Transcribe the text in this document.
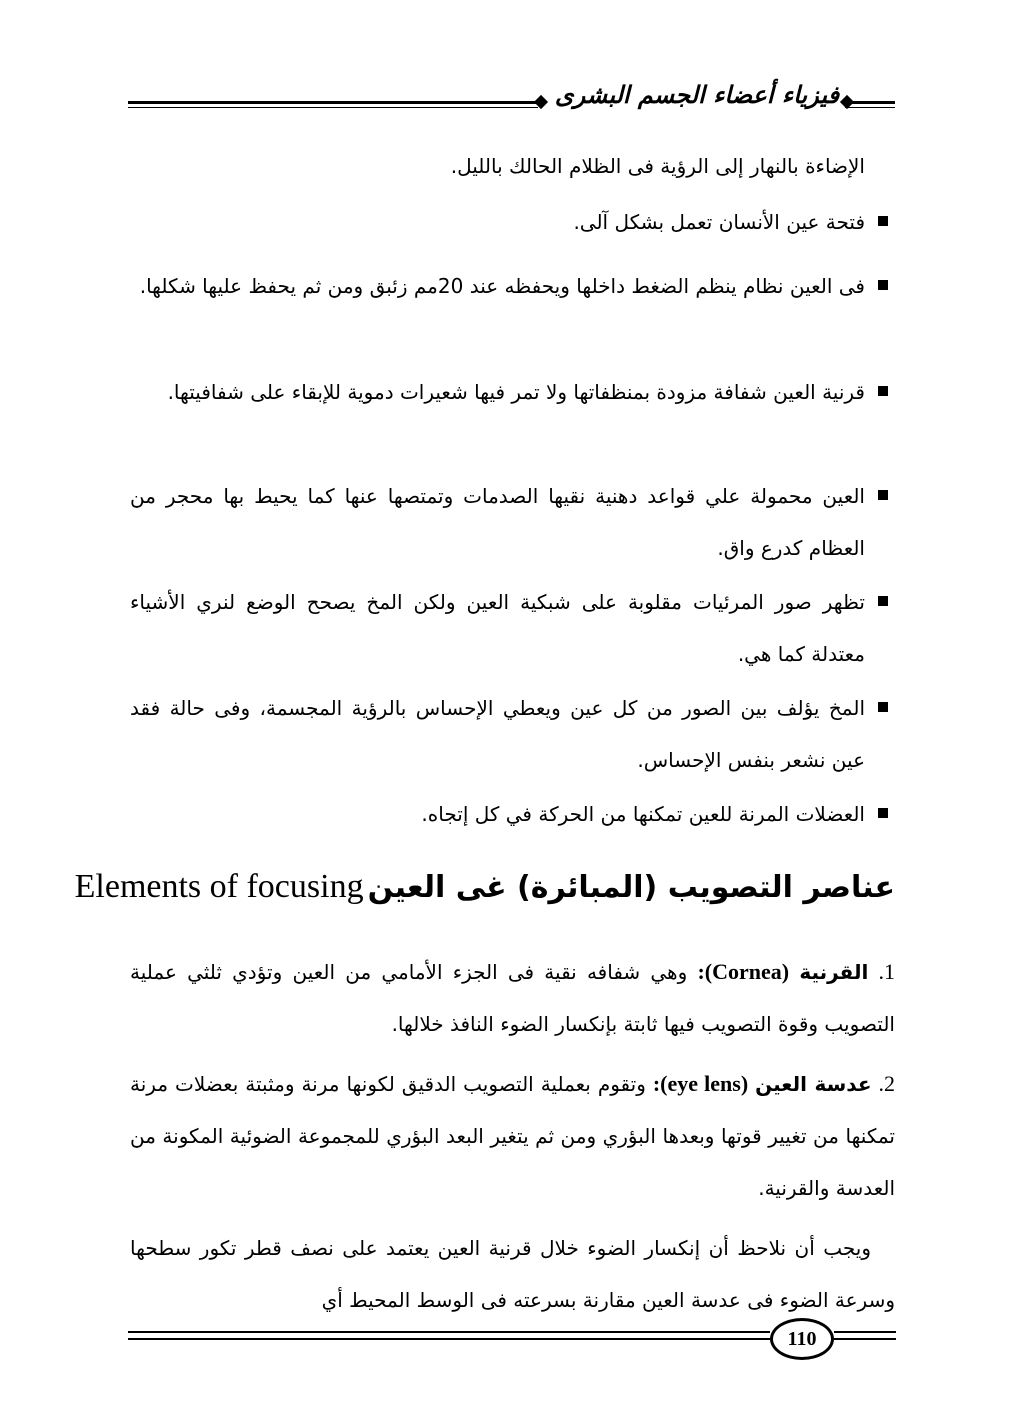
فيزياء أعضاء الجسم البشرى
الإضاءة بالنهار إلى الرؤية فى الظلام الحالك بالليل.
فتحة عين الأنسان تعمل بشكل آلى.
فى العين نظام ينظم الضغط داخلها ويحفظه عند 20مم زئبق ومن ثم يحفظ عليها شكلها.
قرنية العين شفافة مزودة بمنظفاتها ولا تمر فيها شعيرات دموية للإبقاء على شفافيتها.
العين محمولة علي قواعد دهنية نقيها الصدمات وتمتصها عنها كما يحيط بها محجر من العظام كدرع واق.
تظهر صور المرئيات مقلوبة على شبكية العين ولكن المخ يصحح الوضع لنري الأشياء معتدلة كما هي.
المخ يؤلف بين الصور من كل عين ويعطي الإحساس بالرؤية المجسمة، وفى حالة فقد عين نشعر بنفس الإحساس.
العضلات المرنة للعين تمكنها من الحركة في كل إتجاه.
عناصر التصويب (المبائرة) غى العين Elements of focusing
1. القرنية (Cornea): وهي شفافه نقية فى الجزء الأمامي من العين وتؤدي ثلثي عملية التصويب وقوة التصويب فيها ثابتة بإنكسار الضوء النافذ خلالها.
2. عدسة العين (eye lens): وتقوم بعملية التصويب الدقيق لكونها مرنة ومثبتة بعضلات مرنة تمكنها من تغيير قوتها وبعدها البؤري ومن ثم يتغير البعد البؤري للمجموعة الضوئية المكونة من العدسة والقرنية.
ويجب أن نلاحظ أن إنكسار الضوء خلال قرنية العين يعتمد على نصف قطر تكور سطحها وسرعة الضوء فى عدسة العين مقارنة بسرعته فى الوسط المحيط أي
110
